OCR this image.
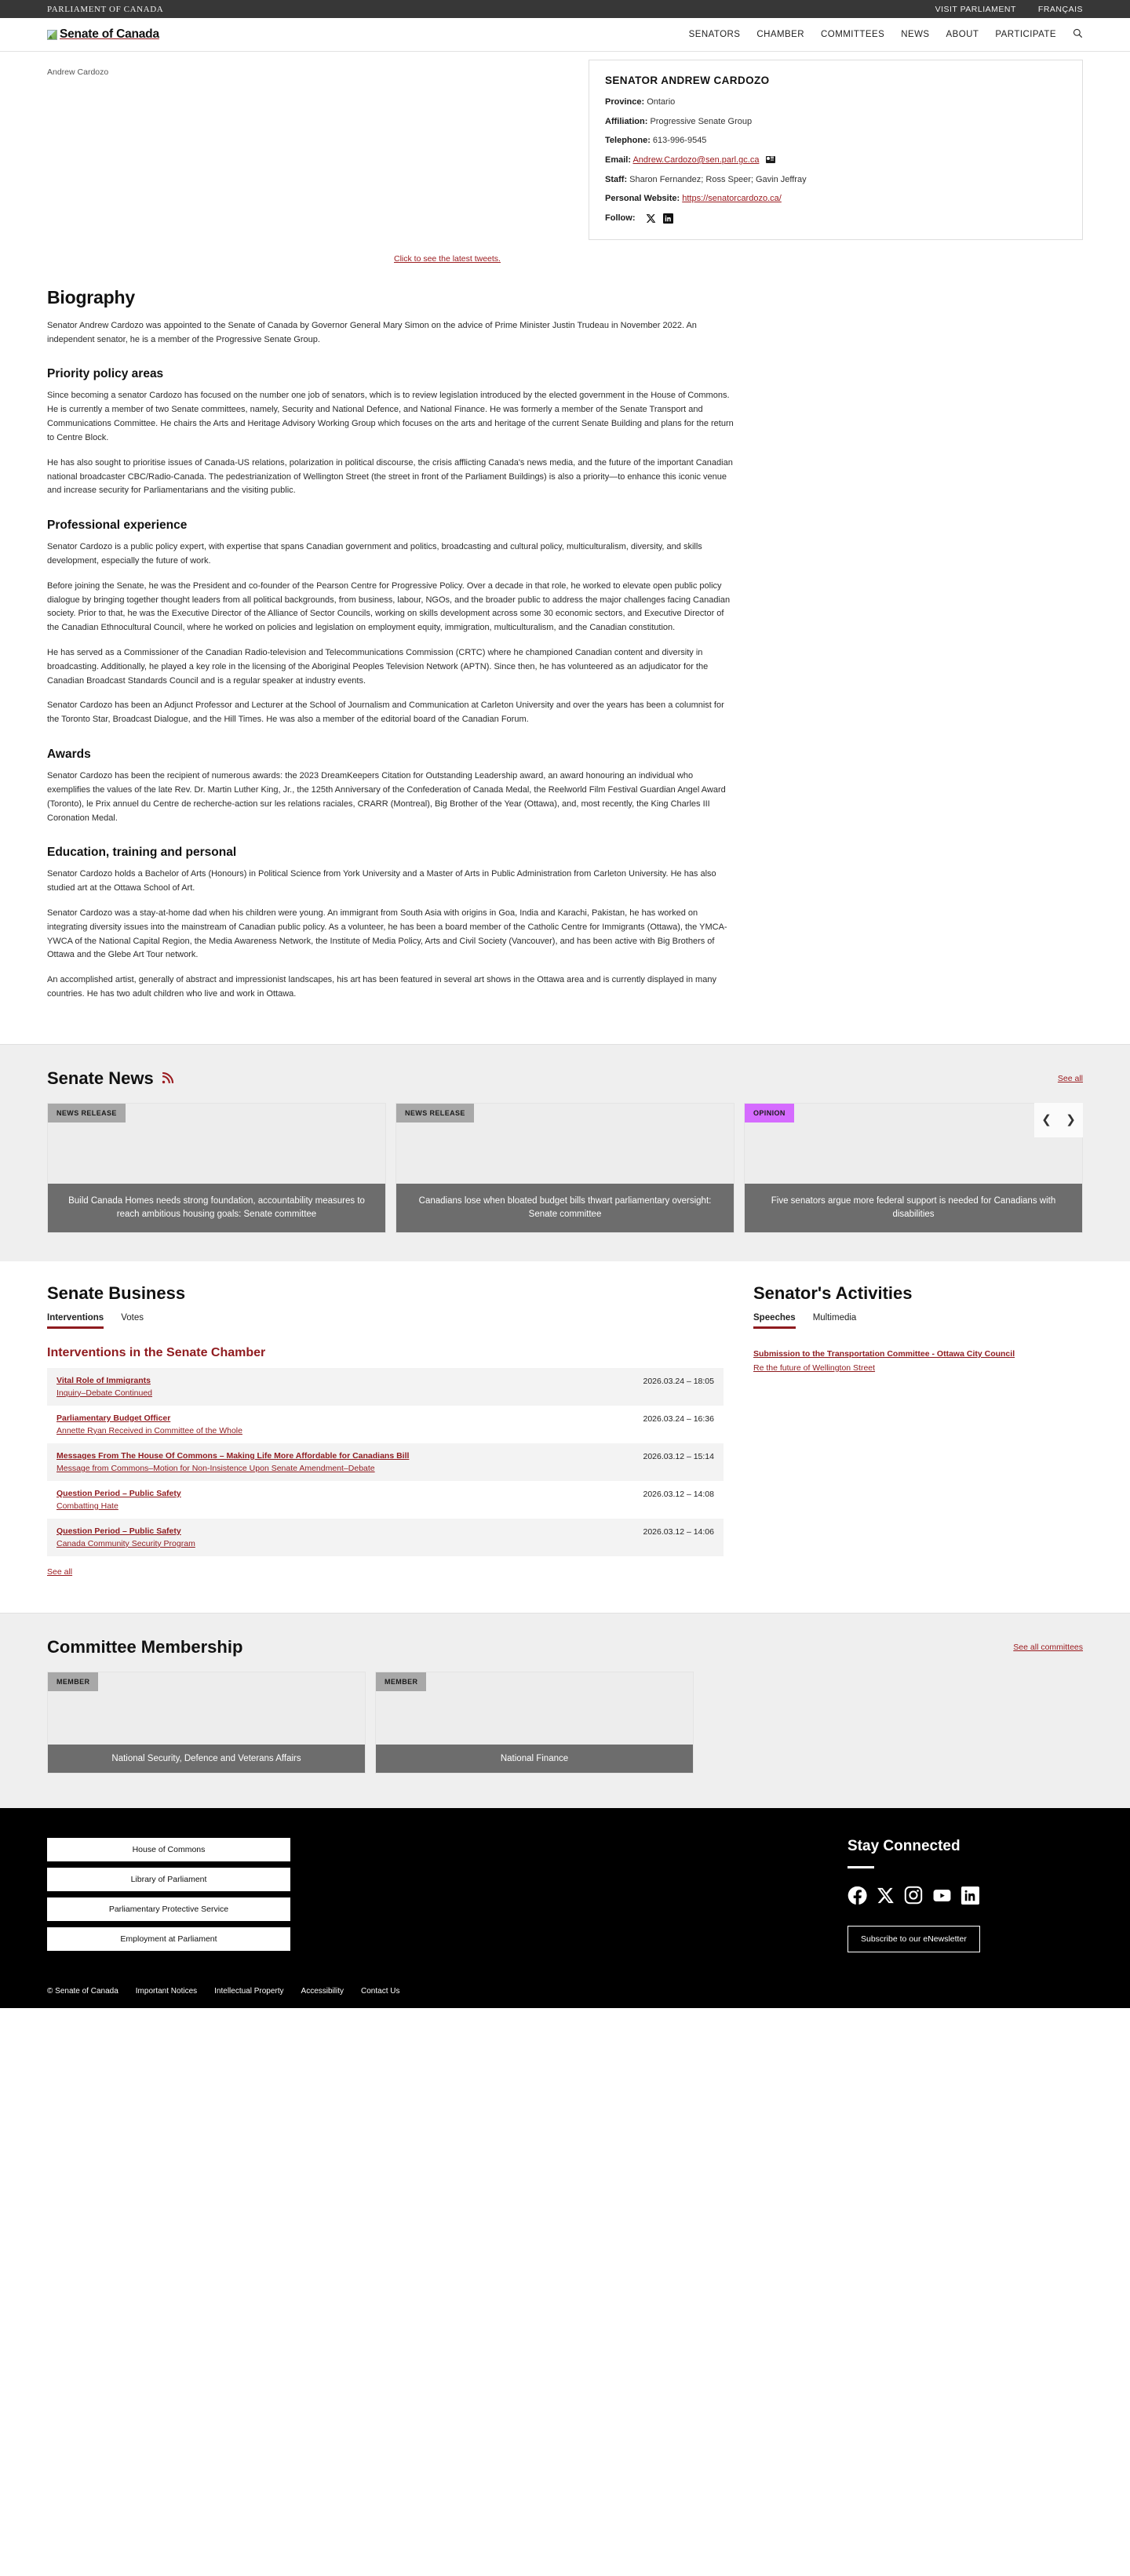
PARLIAMENT OF CANADA	VISIT PARLIAMENT	FRANÇAIS
Senate of Canada	SENATORS CHAMBER COMMITTEES NEWS ABOUT PARTICIPATE
Andrew Cardozo
SENATOR ANDREW CARDOZO
Province: Ontario
Affiliation: Progressive Senate Group
Telephone: 613-996-9545
Email: Andrew.Cardozo@sen.parl.gc.ca
Staff: Sharon Fernandez; Ross Speer; Gavin Jeffray
Personal Website: https://senatorcardozo.ca/
Follow:
Click to see the latest tweets.
Biography

Senator Andrew Cardozo was appointed to the Senate of Canada by Governor General Mary Simon on the advice of Prime Minister Justin Trudeau in November 2022. An independent senator, he is a member of the Progressive Senate Group.

Priority policy areas

Since becoming a senator Cardozo has focused on the number one job of senators, which is to review legislation introduced by the elected government in the House of Commons. He is currently a member of two Senate committees, namely, Security and National Defence, and National Finance. He was formerly a member of the Senate Transport and Communications Committee. He chairs the Arts and Heritage Advisory Working Group which focuses on the arts and heritage of the current Senate Building and plans for the return to Centre Block.

He has also sought to prioritise issues of Canada-US relations, polarization in political discourse, the crisis afflicting Canada's news media, and the future of the important Canadian national broadcaster CBC/Radio-Canada. The pedestrianization of Wellington Street (the street in front of the Parliament Buildings) is also a priority—to enhance this iconic venue and increase security for Parliamentarians and the visiting public.

Professional experience

Senator Cardozo is a public policy expert, with expertise that spans Canadian government and politics, broadcasting and cultural policy, multiculturalism, diversity, and skills development, especially the future of work.

Before joining the Senate, he was the President and co-founder of the Pearson Centre for Progressive Policy. Over a decade in that role, he worked to elevate open public policy dialogue by bringing together thought leaders from all political backgrounds, from business, labour, NGOs, and the broader public to address the major challenges facing Canadian society. Prior to that, he was the Executive Director of the Alliance of Sector Councils, working on skills development across some 30 economic sectors, and Executive Director of the Canadian Ethnocultural Council, where he worked on policies and legislation on employment equity, immigration, multiculturalism, and the Canadian constitution.

He has served as a Commissioner of the Canadian Radio-television and Telecommunications Commission (CRTC) where he championed Canadian content and diversity in broadcasting. Additionally, he played a key role in the licensing of the Aboriginal Peoples Television Network (APTN). Since then, he has volunteered as an adjudicator for the Canadian Broadcast Standards Council and is a regular speaker at industry events.

Senator Cardozo has been an Adjunct Professor and Lecturer at the School of Journalism and Communication at Carleton University and over the years has been a columnist for the Toronto Star, Broadcast Dialogue, and the Hill Times. He was also a member of the editorial board of the Canadian Forum.

Awards

Senator Cardozo has been the recipient of numerous awards: the 2023 DreamKeepers Citation for Outstanding Leadership award, an award honouring an individual who exemplifies the values of the late Rev. Dr. Martin Luther King, Jr., the 125th Anniversary of the Confederation of Canada Medal, the Reelworld Film Festival Guardian Angel Award (Toronto), le Prix annuel du Centre de recherche-action sur les relations raciales, CRARR (Montreal), Big Brother of the Year (Ottawa), and, most recently, the King Charles III Coronation Medal.

Education, training and personal

Senator Cardozo holds a Bachelor of Arts (Honours) in Political Science from York University and a Master of Arts in Public Administration from Carleton University. He has also studied art at the Ottawa School of Art.

Senator Cardozo was a stay-at-home dad when his children were young. An immigrant from South Asia with origins in Goa, India and Karachi, Pakistan, he has worked on integrating diversity issues into the mainstream of Canadian public policy. As a volunteer, he has been a board member of the Catholic Centre for Immigrants (Ottawa), the YMCA-YWCA of the National Capital Region, the Media Awareness Network, the Institute of Media Policy, Arts and Civil Society (Vancouver), and has been active with Big Brothers of Ottawa and the Glebe Art Tour network.

An accomplished artist, generally of abstract and impressionist landscapes, his art has been featured in several art shows in the Ottawa area and is currently displayed in many countries. He has two adult children who live and work in Ottawa.

Senate News	See all
NEWS RELEASE
Build Canada Homes needs strong foundation, accountability measures to reach ambitious housing goals: Senate committee
NEWS RELEASE
Canadians lose when bloated budget bills thwart parliamentary oversight: Senate committee
OPINION
Five senators argue more federal support is needed for Canadians with disabilities
❮	❯
Senate Business
Interventions Votes
Interventions in the Senate Chamber
Vital Role of Immigrants
Inquiry–Debate Continued
2026.03.24 – 18:05
Parliamentary Budget Officer
Annette Ryan Received in Committee of the Whole
2026.03.24 – 16:36
Messages From The House Of Commons – Making Life More Affordable for Canadians Bill
Message from Commons–Motion for Non-Insistence Upon Senate Amendment–Debate
2026.03.12 – 15:14
Question Period – Public Safety
Combatting Hate
2026.03.12 – 14:08
Question Period – Public Safety
Canada Community Security Program
2026.03.12 – 14:06
See all
Senator's Activities
Speeches Multimedia
Submission to the Transportation Committee - Ottawa City Council
Re the future of Wellington Street
Committee Membership	See all committees
MEMBER
National Security, Defence and Veterans Affairs
MEMBER
National Finance
House of Commons
Library of Parliament
Parliamentary Protective Service
Employment at Parliament
Stay Connected
Subscribe to our eNewsletter
© Senate of Canada Important Notices Intellectual Property Accessibility Contact Us
